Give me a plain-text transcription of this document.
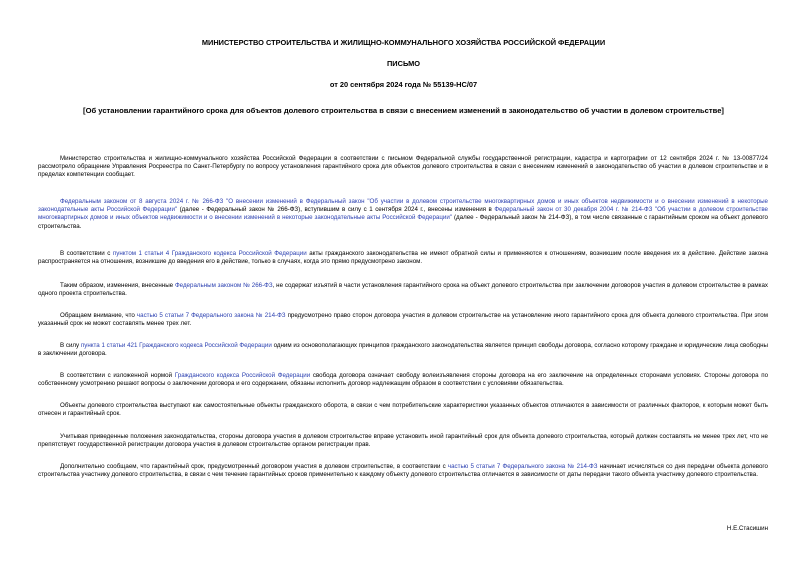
МИНИСТЕРСТВО СТРОИТЕЛЬСТВА И ЖИЛИЩНО-КОММУНАЛЬНОГО ХОЗЯЙСТВА РОССИЙСКОЙ ФЕДЕРАЦИИ
ПИСЬМО
от 20 сентября 2024 года № 55139-НС/07
[Об установлении гарантийного срока для объектов долевого строительства в связи с внесением изменений в законодательство об участии в долевом строительстве]

Министерство строительства и жилищно-коммунального хозяйства Российской Федерации в соответствии с письмом Федеральной службы государственной регистрации, кадастра и картографии от 12 сентября 2024 г. № 13-00877/24 рассмотрело обращение Управления Росреестра по Санкт-Петербургу по вопросу установления гарантийного срока для объектов долевого строительства в связи с внесением изменений в законодательство об участии в долевом строительстве и в пределах компетенции сообщает.

Федеральным законом от 8 августа 2024 г. № 266-ФЗ "О внесении изменений в Федеральный закон "Об участии в долевом строительстве многоквартирных домов и иных объектов недвижимости и о внесении изменений в некоторые законодательные акты Российской Федерации" (далее - Федеральный закон № 266-ФЗ), вступившим в силу с 1 сентября 2024 г., внесены изменения в Федеральный закон от 30 декабря 2004 г. № 214-ФЗ "Об участии в долевом строительстве многоквартирных домов и иных объектов недвижимости и о внесении изменений в некоторые законодательные акты Российской Федерации" (далее - Федеральный закон № 214-ФЗ), в том числе связанные с гарантийным сроком на объект долевого строительства.

В соответствии с пунктом 1 статьи 4 Гражданского кодекса Российской Федерации акты гражданского законодательства не имеют обратной силы и применяются к отношениям, возникшим после введения их в действие. Действие закона распространяется на отношения, возникшие до введения его в действие, только в случаях, когда это прямо предусмотрено законом.

Таким образом, изменения, внесенные Федеральным законом № 266-ФЗ, не содержат изъятий в части установления гарантийного срока на объект долевого строительства при заключении договоров участия в долевом строительстве в рамках одного проекта строительства.

Обращаем внимание, что частью 5 статьи 7 Федерального закона № 214-ФЗ предусмотрено право сторон договора участия в долевом строительстве на установление иного гарантийного срока для объекта долевого строительства. При этом указанный срок не может составлять менее трех лет.

В силу пункта 1 статьи 421 Гражданского кодекса Российской Федерации одним из основополагающих принципов гражданского законодательства является принцип свободы договора, согласно которому граждане и юридические лица свободны в заключении договора.

В соответствии с изложенной нормой Гражданского кодекса Российской Федерации свобода договора означает свободу волеизъявления стороны договора на его заключение на определенных сторонами условиях. Стороны договора по собственному усмотрению решают вопросы о заключении договора и его содержании, обязаны исполнить договор надлежащим образом в соответствии с условиями обязательства.

Объекты долевого строительства выступают как самостоятельные объекты гражданского оборота, в связи с чем потребительские характеристики указанных объектов отличаются в зависимости от различных факторов, к которым может быть отнесен и гарантийный срок.

Учитывая приведенные положения законодательства, стороны договора участия в долевом строительстве вправе установить иной гарантийный срок для объекта долевого строительства, который должен составлять не менее трех лет, что не препятствует государственной регистрации договора участия в долевом строительстве органом регистрации прав.

Дополнительно сообщаем, что гарантийный срок, предусмотренный договором участия в долевом строительстве, в соответствии с частью 5 статьи 7 Федерального закона № 214-ФЗ начинает исчисляться со дня передачи объекта долевого строительства участнику долевого строительства, в связи с чем течение гарантийных сроков применительно к каждому объекту долевого строительства отличается в зависимости от даты передачи такого объекта участнику долевого строительства.

Н.Е.Стасишин
